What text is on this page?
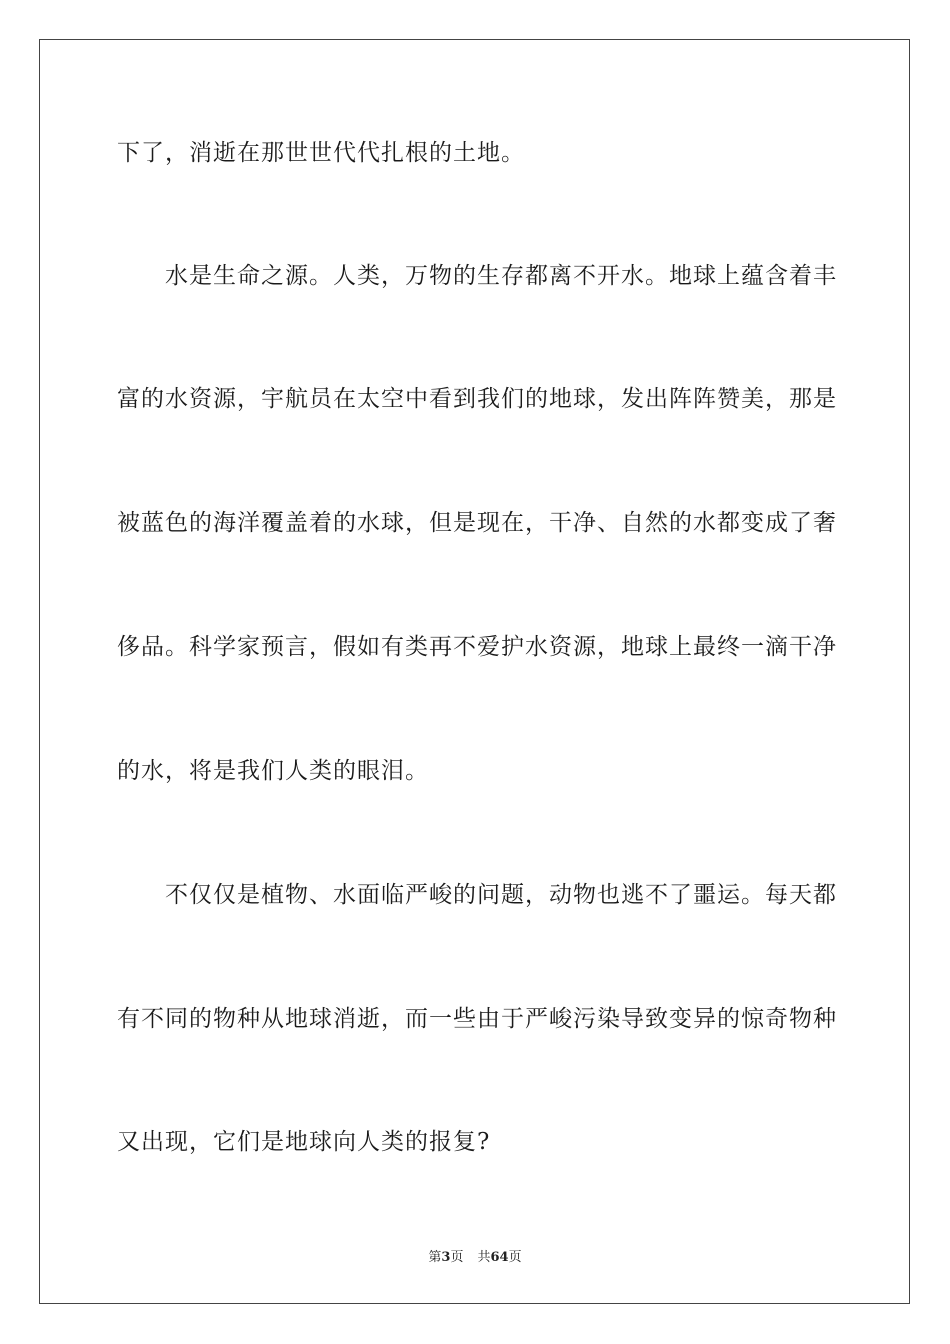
下了，消逝在那世世代代扎根的土地。
水是生命之源。人类，万物的生存都离不开水。地球上蕴含着丰
富的水资源，宇航员在太空中看到我们的地球，发出阵阵赞美，那是
被蓝色的海洋覆盖着的水球，但是现在，干净、自然的水都变成了奢
侈品。科学家预言，假如有类再不爱护水资源，地球上最终一滴干净
的水，将是我们人类的眼泪。
不仅仅是植物、水面临严峻的问题，动物也逃不了噩运。每天都
有不同的物种从地球消逝，而一些由于严峻污染导致变异的惊奇物种
又出现，它们是地球向人类的报复?
第3页 共64页
